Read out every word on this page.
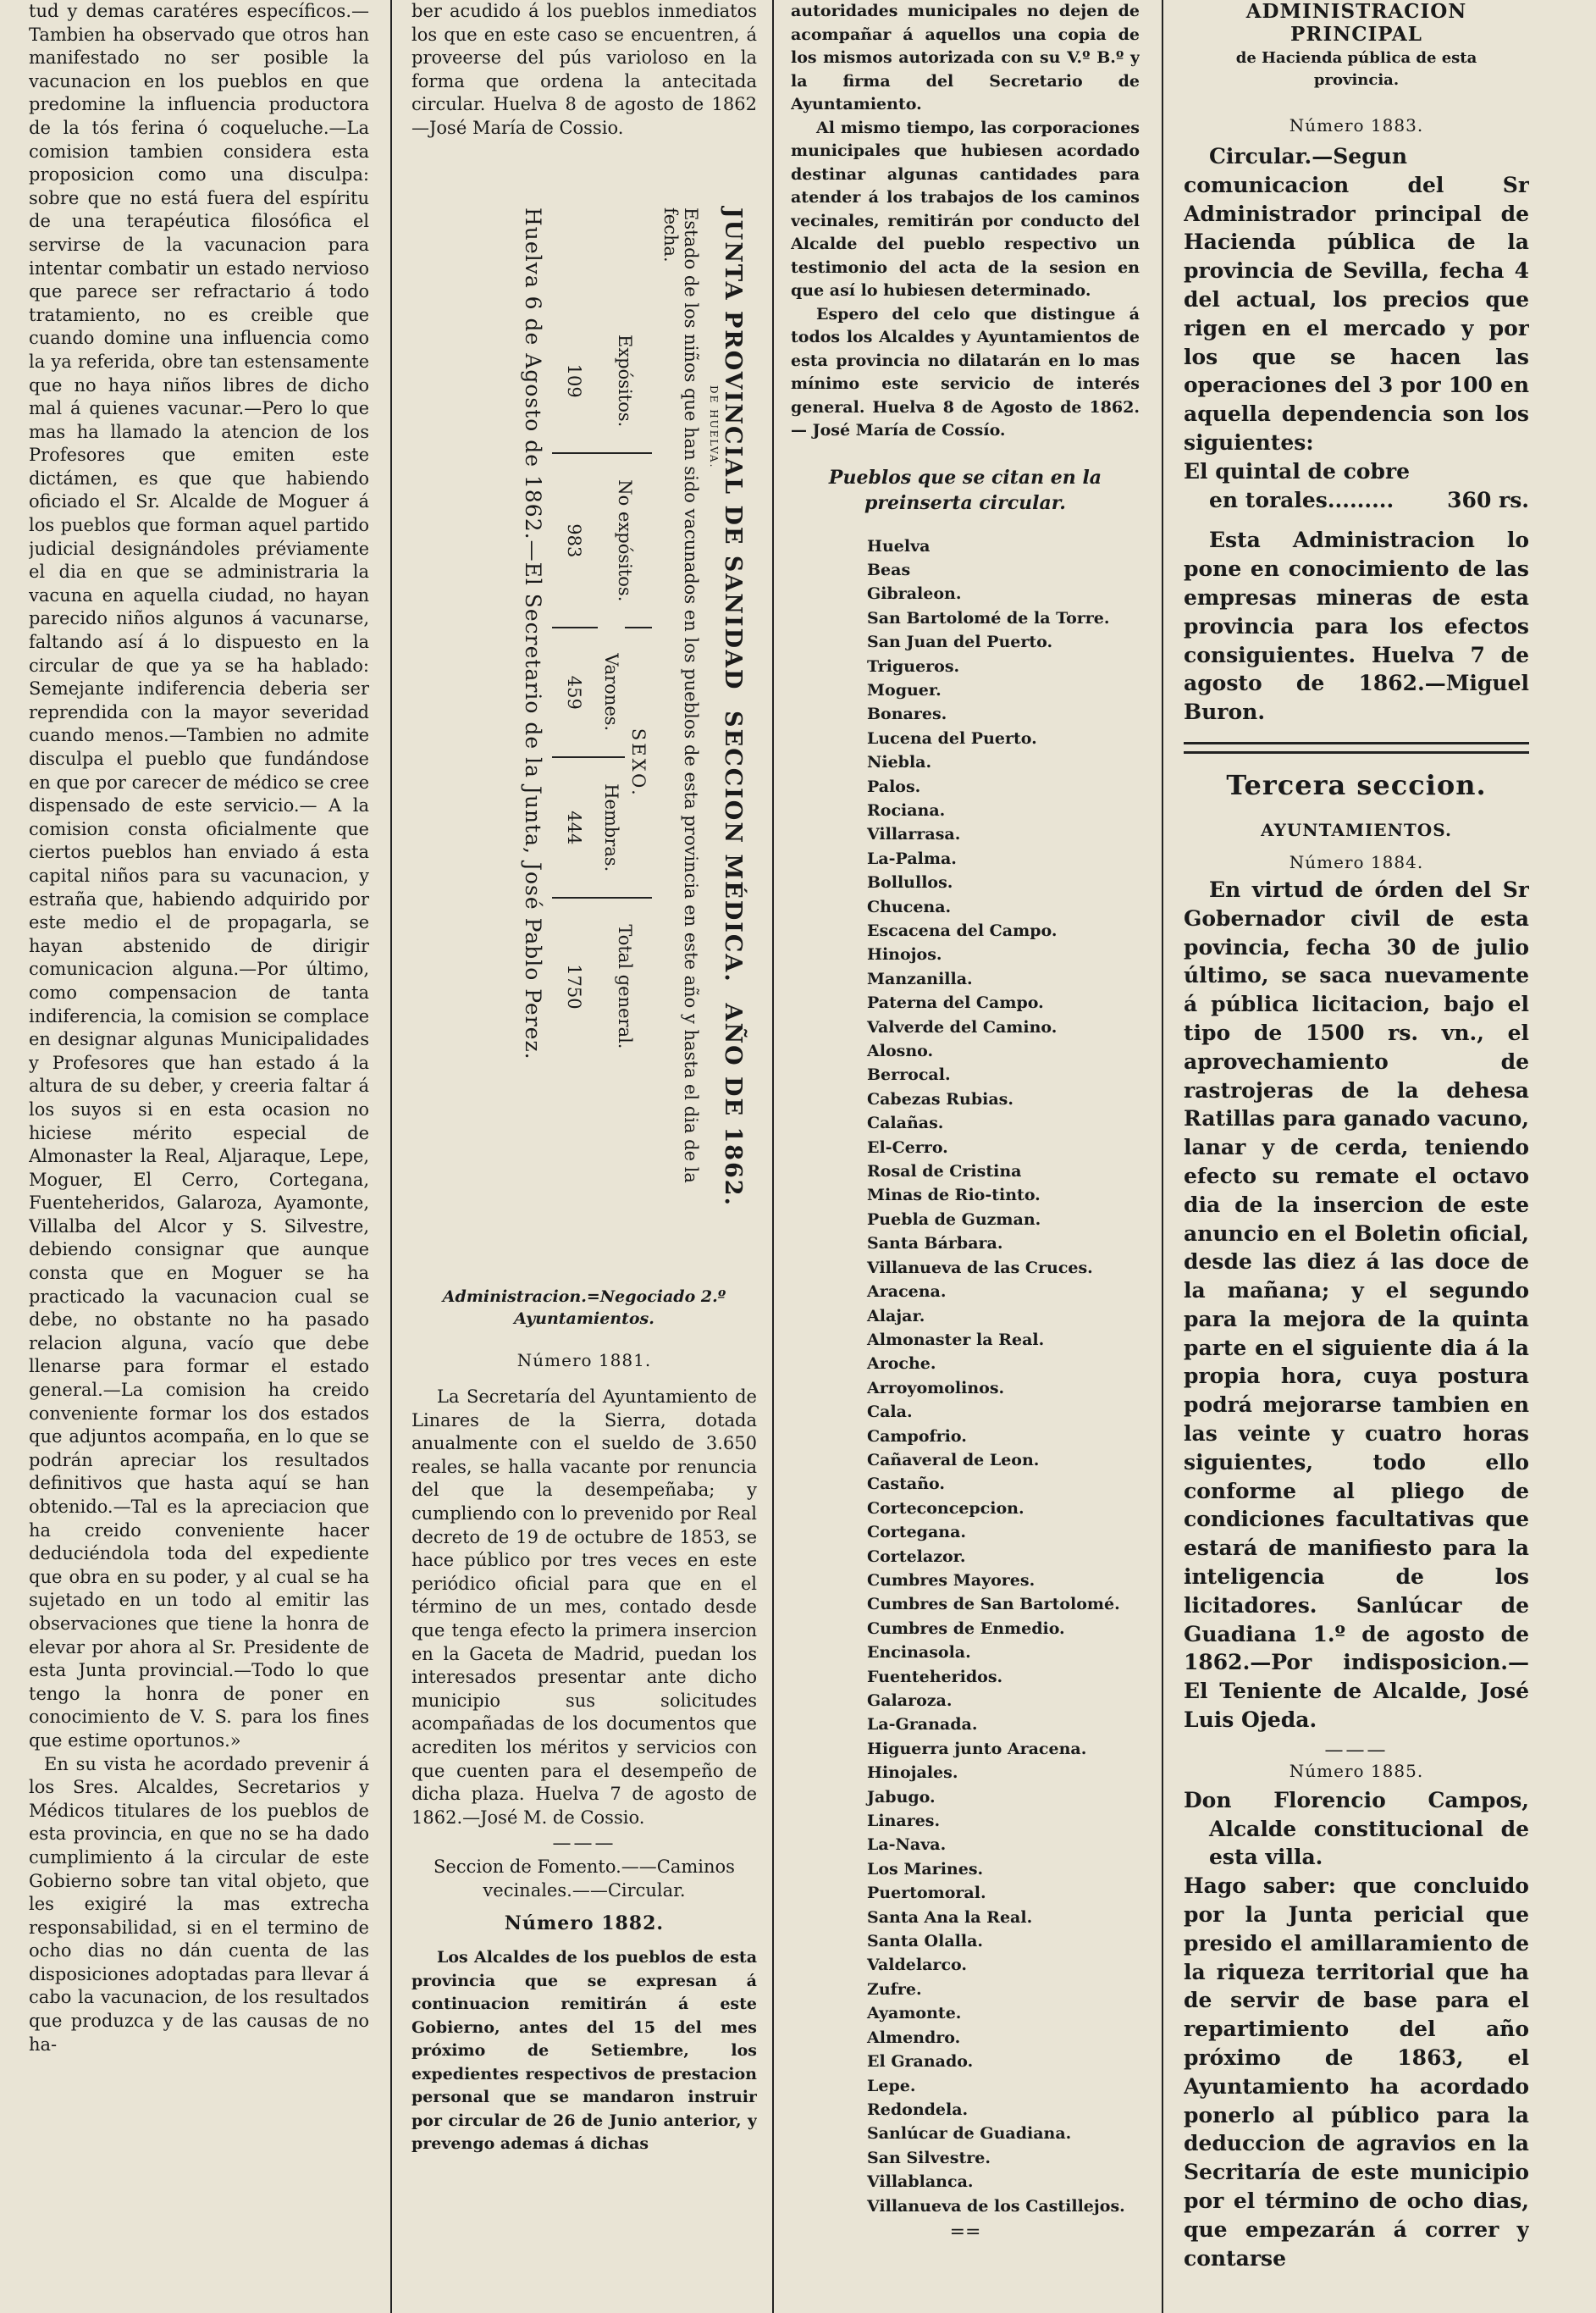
tud y demas caratéres específicos.— Tambien ha observado que otros han manifestado no ser posible la vacunacion en los pueblos en que predomine la influencia productora de la tós ferina ó coqueluche.—La comision tambien considera esta proposicion como una disculpa: sobre que no está fuera del espíritu de una terapéutica filosófica el servirse de la vacunacion para intentar combatir un estado nervioso que parece ser refractario á todo tratamiento, no es creible que cuando domine una influencia como la ya referida, obre tan estensamente que no haya niños libres de dicho mal á quienes vacunar.—Pero lo que mas ha llamado la atencion de los Profesores que emiten este dictámen, es que que habiendo oficiado el Sr. Alcalde de Moguer á los pueblos que forman aquel partido judicial designándoles préviamente el dia en que se administraria la vacuna en aquella ciudad, no hayan parecido niños algunos á vacunarse, faltando así á lo dispuesto en la circular de que ya se ha hablado: Semejante indiferencia deberia ser reprendida con la mayor severidad cuando menos.—Tambien no admite disculpa el pueblo que fundándose en que por carecer de médico se cree dispensado de este servicio.— A la comision consta oficialmente que ciertos pueblos han enviado á esta capital niños para su vacunacion, y estraña que, habiendo adquirido por este medio el de propagarla, se hayan abstenido de dirigir comunicacion alguna.—Por último, como compensacion de tanta indiferencia, la comision se complace en designar algunas Municipalidades y Profesores que han estado á la altura de su deber, y creeria faltar á los suyos si en esta ocasion no hiciese mérito especial de Almonaster la Real, Aljaraque, Lepe, Moguer, El Cerro, Cortegana, Fuenteheridos, Galaroza, Ayamonte, Villalba del Alcor y S. Silvestre, debiendo consignar que aunque consta que en Moguer se ha practicado la vacunacion cual se debe, no obstante no ha pasado relacion alguna, vacío que debe llenarse para formar el estado general.—La comision ha creido conveniente formar los dos estados que adjuntos acompaña, en lo que se podrán apreciar los resultados definitivos que hasta aquí se han obtenido.—Tal es la apreciacion que ha creido conveniente hacer deduciéndola toda del expediente que obra en su poder, y al cual se ha sujetado en un todo al emitir las observaciones que tiene la honra de elevar por ahora al Sr. Presidente de esta Junta provincial.—Todo lo que tengo la honra de poner en conocimiento de V. S. para los fines que estime oportunos.»

En su vista he acordado prevenir á los Sres. Alcaldes, Secretarios y Médicos titulares de los pueblos de esta provincia, en que no se ha dado cumplimiento á la circular de este Gobierno sobre tan vital objeto, que les exigiré la mas extrecha responsabilidad, si en el termino de ocho dias no dán cuenta de las disposiciones adoptadas para llevar á cabo la vacunacion, de los resultados que produzca y de las causas de no ha-

ber acudido á los pueblos inmediatos los que en este caso se encuentren, á proveerse del pús varioloso en la forma que ordena la antecitada circular. Huelva 8 de agosto de 1862 —José María de Cossio.

JUNTA PROVINCIAL DE SANIDAD
SECCION MÉDICA.
AÑO DE 1862.
DE HUELVA.
Estado de los niños que han sido vacunados en los pueblos de esta provincia en este año y hasta el dia de la fecha.
Expósitos.	No expósitos.	SEXO.		Total general.
		Varones.	Hembras.	
109	983	459	444	1750
Huelva 6 de Agosto de 1862.—El Secretario de la Junta, José Pablo Perez.

Administracion.=Negociado 2.º Ayuntamientos.

Número 1881.

La Secretaría del Ayuntamiento de Linares de la Sierra, dotada anualmente con el sueldo de 3.650 reales, se halla vacante por renuncia del que la desempeñaba; y cumpliendo con lo prevenido por Real decreto de 19 de octubre de 1853, se hace público por tres veces en este periódico oficial para que en el término de un mes, contado desde que tenga efecto la primera insercion en la Gaceta de Madrid, puedan los interesados presentar ante dicho municipio sus solicitudes acompañadas de los documentos que acrediten los méritos y servicios con que cuenten para el desempeño de dicha plaza. Huelva 7 de agosto de 1862.—José M. de Cossio.

———

Seccion de Fomento.——Caminos vecinales.——Circular.

Número 1882.

Los Alcaldes de los pueblos de esta provincia que se expresan á continuacion remitirán á este Gobierno, antes del 15 del mes próximo de Setiembre, los expedientes respectivos de prestacion personal que se mandaron instruir por circular de 26 de Junio anterior, y prevengo ademas á dichas

autoridades municipales no dejen de acompañar á aquellos una copia de los mismos autorizada con su V.º B.º y la firma del Secretario de Ayuntamiento.

Al mismo tiempo, las corporaciones municipales que hubiesen acordado destinar algunas cantidades para atender á los trabajos de los caminos vecinales, remitirán por conducto del Alcalde del pueblo respectivo un testimonio del acta de la sesion en que así lo hubiesen determinado.

Espero del celo que distingue á todos los Alcaldes y Ayuntamientos de esta provincia no dilatarán en lo mas mínimo este servicio de interés general. Huelva 8 de Agosto de 1862.— José María de Cossío.

Pueblos que se citan en la preinserta circular.

Huelva
Beas
Gibraleon.
San Bartolomé de la Torre.
San Juan del Puerto.
Trigueros.
Moguer.
Bonares.
Lucena del Puerto.
Niebla.
Palos.
Rociana.
Villarrasa.
La-Palma.
Bollullos.
Chucena.
Escacena del Campo.
Hinojos.
Manzanilla.
Paterna del Campo.
Valverde del Camino.
Alosno.
Berrocal.
Cabezas Rubias.
Calañas.
El-Cerro.
Rosal de Cristina
Minas de Rio-tinto.
Puebla de Guzman.
Santa Bárbara.
Villanueva de las Cruces.
Aracena.
Alajar.
Almonaster la Real.
Aroche.
Arroyomolinos.
Cala.
Campofrio.
Cañaveral de Leon.
Castaño.
Corteconcepcion.
Cortegana.
Cortelazor.
Cumbres Mayores.
Cumbres de San Bartolomé.
Cumbres de Enmedio.
Encinasola.
Fuenteheridos.
Galaroza.
La-Granada.
Higuerra junto Aracena.
Hinojales.
Jabugo.
Linares.
La-Nava.
Los Marines.
Puertomoral.
Santa Ana la Real.
Santa Olalla.
Valdelarco.
Zufre.
Ayamonte.
Almendro.
El Granado.
Lepe.
Redondela.
Sanlúcar de Guadiana.
San Silvestre.
Villablanca.
Villanueva de los Castillejos.

==

ADMINISTRACION PRINCIPAL

de Hacienda pública de esta provincia.

Número 1883.

Circular.—Segun comunicacion del Sr Administrador principal de Hacienda pública de la provincia de Sevilla, fecha 4 del actual, los precios que rigen en el mercado y por los que se hacen las operaciones del 3 por 100 en aquella dependencia son los siguientes:

El quintal de cobre

en torales.........	360 rs.

Esta Administracion lo pone en conocimiento de las empresas mineras de esta provincia para los efectos consiguientes. Huelva 7 de agosto de 1862.—Miguel Buron.

Tercera seccion.

AYUNTAMIENTOS.

Número 1884.

En virtud de órden del Sr Gobernador civil de esta povincia, fecha 30 de julio último, se saca nuevamente á pública licitacion, bajo el tipo de 1500 rs. vn., el aprovechamiento de rastrojeras de la dehesa Ratillas para ganado vacuno, lanar y de cerda, teniendo efecto su remate el octavo dia de la insercion de este anuncio en el Boletin oficial, desde las diez á las doce de la mañana; y el segundo para la mejora de la quinta parte en el siguiente dia á la propia hora, cuya postura podrá mejorarse tambien en las veinte y cuatro horas siguientes, todo ello conforme al pliego de condiciones facultativas que estará de manifiesto para la inteligencia de los licitadores. Sanlúcar de Guadiana 1.º de agosto de 1862.—Por indisposicion.—El Teniente de Alcalde, José Luis Ojeda.

———

Número 1885.

Don Florencio Campos, Alcalde constitucional de esta villa.

Hago saber: que concluido por la Junta pericial que presido el amillaramiento de la riqueza territorial que ha de servir de base para el repartimiento del año próximo de 1863, el Ayuntamiento ha acordado ponerlo al público para la deduccion de agravios en la Secritaría de este municipio por el término de ocho dias, que empezarán á correr y contarse
